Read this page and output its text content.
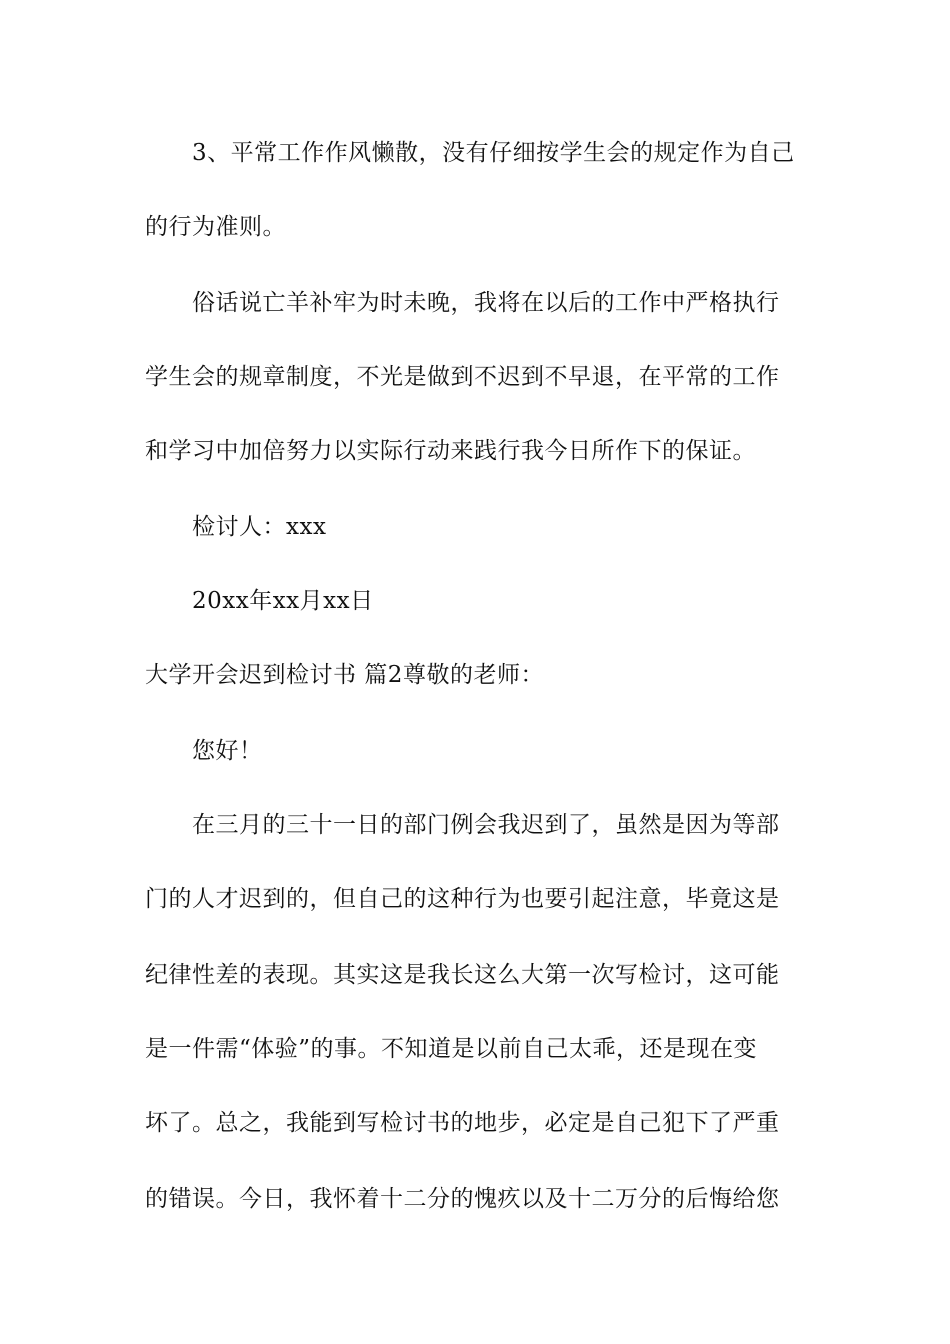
3、平常工作作风懒散，没有仔细按学生会的规定作为自己
的行为准则。
俗话说亡羊补牢为时未晚，我将在以后的工作中严格执行
学生会的规章制度，不光是做到不迟到不早退，在平常的工作
和学习中加倍努力以实际行动来践行我今日所作下的保证。
检讨人：xxx
20xx年xx月xx日
大学开会迟到检讨书 篇2尊敬的老师：
您好！
在三月的三十一日的部门例会我迟到了，虽然是因为等部
门的人才迟到的，但自己的这种行为也要引起注意，毕竟这是
纪律性差的表现。其实这是我长这么大第一次写检讨，这可能
是一件需“体验”的事。不知道是以前自己太乖，还是现在变
坏了。总之，我能到写检讨书的地步，必定是自己犯下了严重
的错误。今日，我怀着十二分的愧疚以及十二万分的后悔给您
